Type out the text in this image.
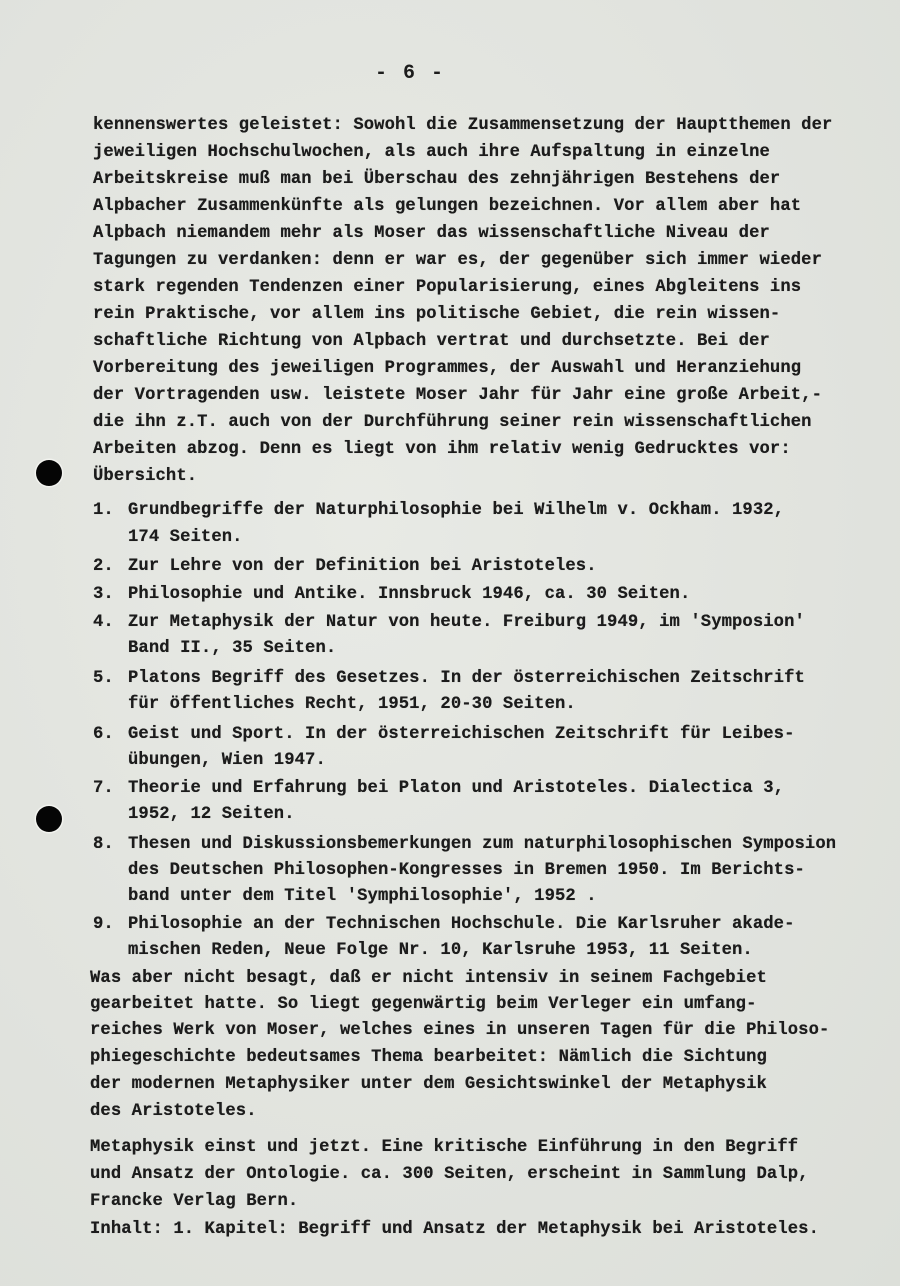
- 6 -
kennenswertes geleistet: Sowohl die Zusammensetzung der Hauptthemen der
jeweiligen Hochschulwochen, als auch ihre Aufspaltung in einzelne
Arbeitskreise muß man bei Überschau des zehnjährigen Bestehens der
Alpbacher Zusammenkünfte als gelungen bezeichnen. Vor allem aber hat
Alpbach niemandem mehr als Moser das wissenschaftliche Niveau der
Tagungen zu verdanken: denn er war es, der gegenüber sich immer wieder
stark regenden Tendenzen einer Popularisierung, eines Abgleitens ins
rein Praktische, vor allem ins politische Gebiet, die rein wissen-
schaftliche Richtung von Alpbach vertrat und durchsetzte. Bei der
Vorbereitung des jeweiligen Programmes, der Auswahl und Heranziehung
der Vortragenden usw. leistete Moser Jahr für Jahr eine große Arbeit,-
die ihn z.T. auch von der Durchführung seiner rein wissenschaftlichen
Arbeiten abzog. Denn es liegt von ihm relativ wenig Gedrucktes vor:
Übersicht.
1. Grundbegriffe der Naturphilosophie bei Wilhelm v. Ockham. 1932,
174 Seiten.
2. Zur Lehre von der Definition bei Aristoteles.
3. Philosophie und Antike. Innsbruck 1946, ca. 30 Seiten.
4. Zur Metaphysik der Natur von heute. Freiburg 1949, im 'Symposion'
Band II., 35 Seiten.
5. Platons Begriff des Gesetzes. In der österreichischen Zeitschrift
für öffentliches Recht, 1951, 20-30 Seiten.
6. Geist und Sport. In der österreichischen Zeitschrift für Leibes-
übungen, Wien 1947.
7. Theorie und Erfahrung bei Platon und Aristoteles. Dialectica 3,
1952, 12 Seiten.
8. Thesen und Diskussionsbemerkungen zum naturphilosophischen Symposion
des Deutschen Philosophen-Kongresses in Bremen 1950. Im Berichts-
band unter dem Titel 'Symphilosophie', 1952 .
9. Philosophie an der Technischen Hochschule. Die Karlsruher akade-
mischen Reden, Neue Folge Nr. 10, Karlsruhe 1953, 11 Seiten.
Was aber nicht besagt, daß er nicht intensiv in seinem Fachgebiet
gearbeitet hatte. So liegt gegenwärtig beim Verleger ein umfang-
reiches Werk von Moser, welches eines in unseren Tagen für die Philoso-
phiegeschichte bedeutsames Thema bearbeitet: Nämlich die Sichtung
der modernen Metaphysiker unter dem Gesichtswinkel der Metaphysik
des Aristoteles.
Metaphysik einst und jetzt. Eine kritische Einführung in den Begriff
und Ansatz der Ontologie. ca. 300 Seiten, erscheint in Sammlung Dalp,
Francke Verlag Bern.
Inhalt: 1. Kapitel: Begriff und Ansatz der Metaphysik bei Aristoteles.
